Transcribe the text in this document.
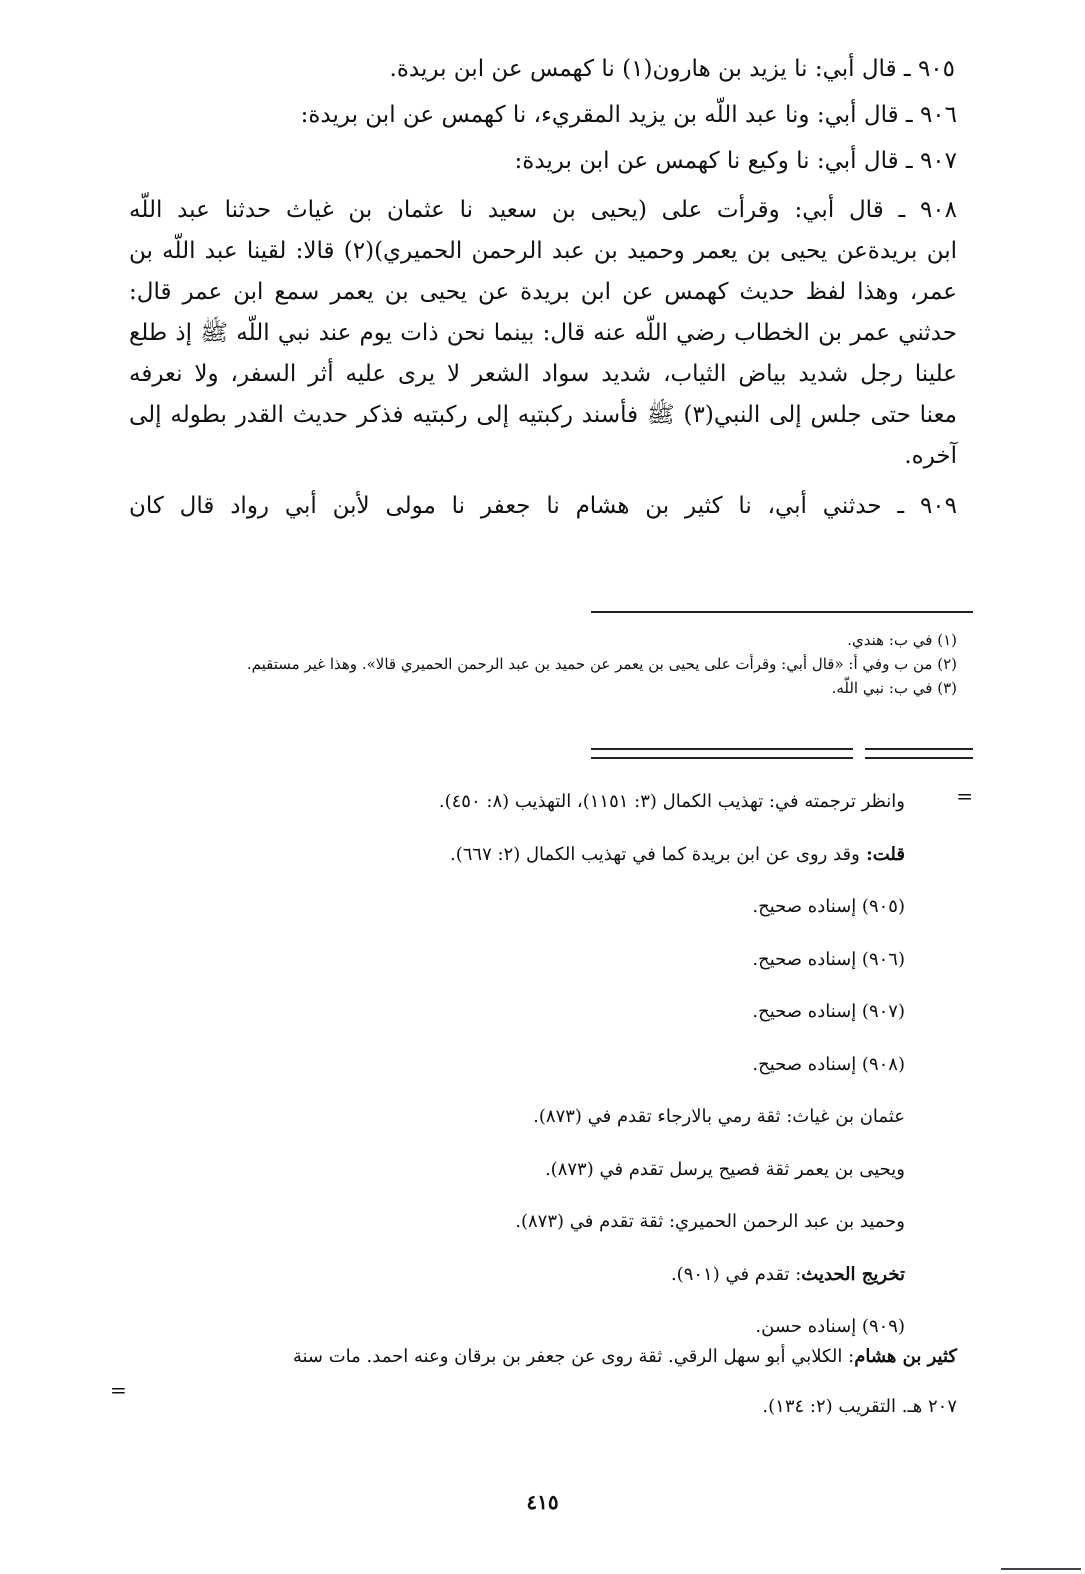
٩٠٥ ـ قال أبي: نا يزيد بن هارون(١) نا كهمس عن ابن بريدة.
٩٠٦ ـ قال أبي: ونا عبد اللّه بن يزيد المقريء، نا كهمس عن ابن بريدة:
٩٠٧ ـ قال أبي: نا وكيع نا كهمس عن ابن بريدة:
٩٠٨ ـ قال أبي: وقرأت على (يحيى بن سعيد نا عثمان بن غياث حدثنا عبد اللّه
ابن بريدةعن يحيى بن يعمر وحميد بن عبد الرحمن الحميري)(٢) قالا: لقينا عبد اللّه بن
عمر، وهذا لفظ حديث كهمس عن ابن بريدة عن يحيى بن يعمر سمع ابن عمر قال:
حدثني عمر بن الخطاب رضي اللّه عنه قال: بينما نحن ذات يوم عند نبي اللّه ﷺ إذ طلع
علينا رجل شديد بياض الثياب، شديد سواد الشعر لا يرى عليه أثر السفر، ولا نعرفه
معنا حتى جلس إلى النبي(٣) ﷺ فأسند ركبتيه إلى ركبتيه فذكر حديث القدر بطوله إلى
آخره.
٩٠٩ ـ حدثني أبي، نا كثير بن هشام نا جعفر نا مولى لأبن أبي رواد قال كان
(١) في ب: هندي.
(٢) من ب وفي أ: «قال أبي: وقرأت على يحيى بن يعمر عن حميد بن عبد الرحمن الحميري قالا». وهذا غير مستقيم.
(٣) في ب: نبي اللّه.
=
وانظر ترجمته في: تهذيب الكمال (٣: ١١٥١)، التهذيب (٨: ٤٥٠).
قلت: وقد روى عن ابن بريدة كما في تهذيب الكمال (٢: ٦٦٧).
(٩٠٥) إسناده صحيح.
(٩٠٦) إسناده صحيح.
(٩٠٧) إسناده صحيح.
(٩٠٨) إسناده صحيح.
عثمان بن غياث: ثقة رمي بالارجاء تقدم في (٨٧٣).
ويحيى بن يعمر ثقة فصيح يرسل تقدم في (٨٧٣).
وحميد بن عبد الرحمن الحميري: ثقة تقدم في (٨٧٣).
تخريج الحديث: تقدم في (٩٠١).
(٩٠٩) إسناده حسن.
كثير بن هشام: الكلابي أبو سهل الرقي. ثقة روى عن جعفر بن برقان وعنه احمد. مات سنة
٢٠٧ هـ. التقريب (٢: ١٣٤).
=
٤١٥
